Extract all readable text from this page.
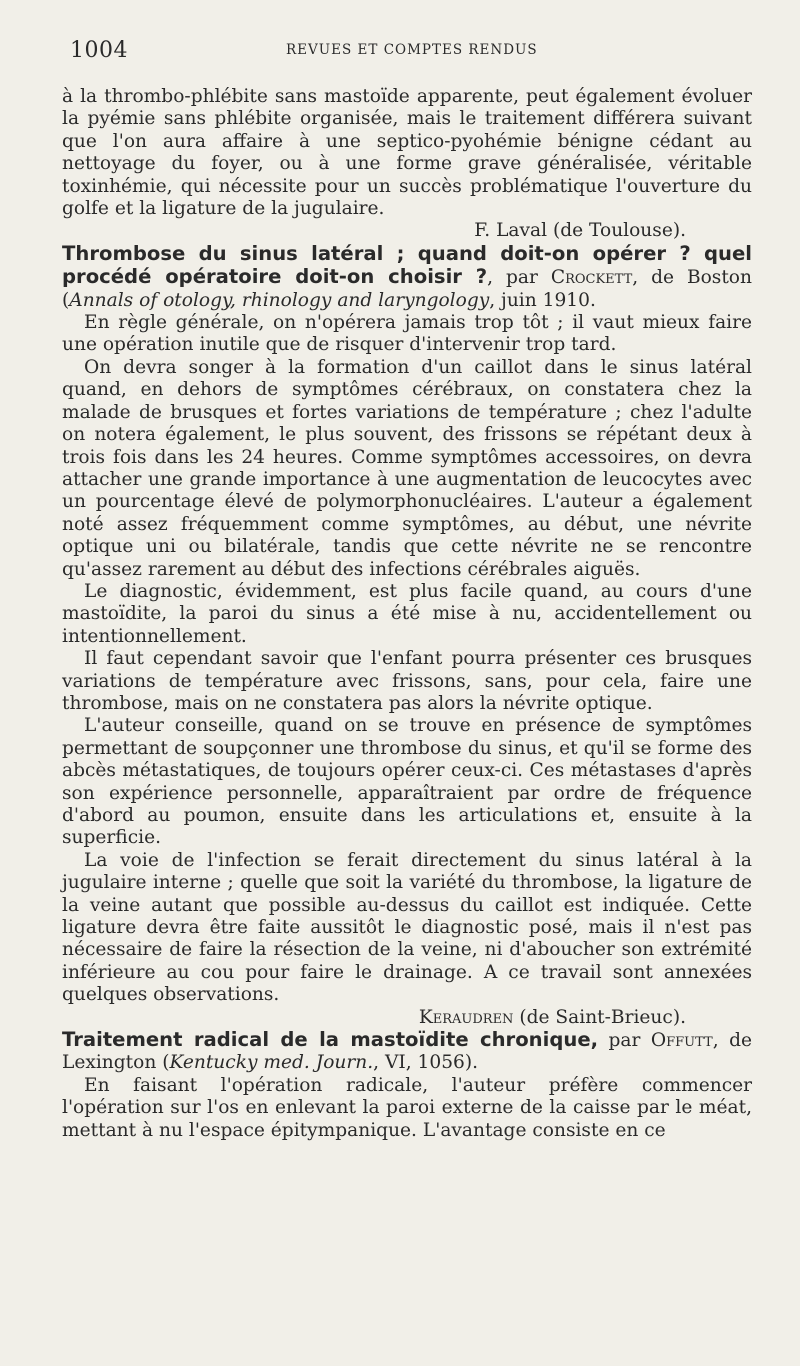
1004	REVUES ET COMPTES RENDUS

à la thrombo-phlébite sans mastoïde apparente, peut également évoluer la pyémie sans phlébite organisée, mais le traitement différera suivant que l'on aura affaire à une septico-pyohémie bénigne cédant au nettoyage du foyer, ou à une forme grave généralisée, véritable toxinhémie, qui nécessite pour un succès problématique l'ouverture du golfe et la ligature de la jugulaire.

F. Laval (de Toulouse).

Thrombose du sinus latéral ; quand doit-on opérer ? quel procédé opératoire doit-on choisir ?, par Crockett, de Boston (Annals of otology, rhinology and laryngology, juin 1910.

En règle générale, on n'opérera jamais trop tôt ; il vaut mieux faire une opération inutile que de risquer d'intervenir trop tard.

On devra songer à la formation d'un caillot dans le sinus latéral quand, en dehors de symptômes cérébraux, on constatera chez la malade de brusques et fortes variations de température ; chez l'adulte on notera également, le plus souvent, des frissons se répétant deux à trois fois dans les 24 heures. Comme symptômes accessoires, on devra attacher une grande importance à une augmentation de leucocytes avec un pourcentage élevé de polymorphonucléaires. L'auteur a également noté assez fréquemment comme symptômes, au début, une névrite optique uni ou bilatérale, tandis que cette névrite ne se rencontre qu'assez rarement au début des infections cérébrales aiguës.

Le diagnostic, évidemment, est plus facile quand, au cours d'une mastoïdite, la paroi du sinus a été mise à nu, accidentellement ou intentionnellement.

Il faut cependant savoir que l'enfant pourra présenter ces brusques variations de température avec frissons, sans, pour cela, faire une thrombose, mais on ne constatera pas alors la névrite optique.

L'auteur conseille, quand on se trouve en présence de symptômes permettant de soupçonner une thrombose du sinus, et qu'il se forme des abcès métastatiques, de toujours opérer ceux-ci. Ces métastases d'après son expérience personnelle, apparaîtraient par ordre de fréquence d'abord au poumon, ensuite dans les articulations et, ensuite à la superficie.

La voie de l'infection se ferait directement du sinus latéral à la jugulaire interne ; quelle que soit la variété du thrombose, la ligature de la veine autant que possible au-dessus du caillot est indiquée. Cette ligature devra être faite aussitôt le diagnostic posé, mais il n'est pas nécessaire de faire la résection de la veine, ni d'aboucher son extrémité inférieure au cou pour faire le drainage. A ce travail sont annexées quelques observations.

Keraudren (de Saint-Brieuc).

Traitement radical de la mastoïdite chronique, par Offutt, de Lexington (Kentucky med. Journ., VI, 1056).

En faisant l'opération radicale, l'auteur préfère commencer l'opération sur l'os en enlevant la paroi externe de la caisse par le méat, mettant à nu l'espace épitympanique. L'avantage consiste en ce
